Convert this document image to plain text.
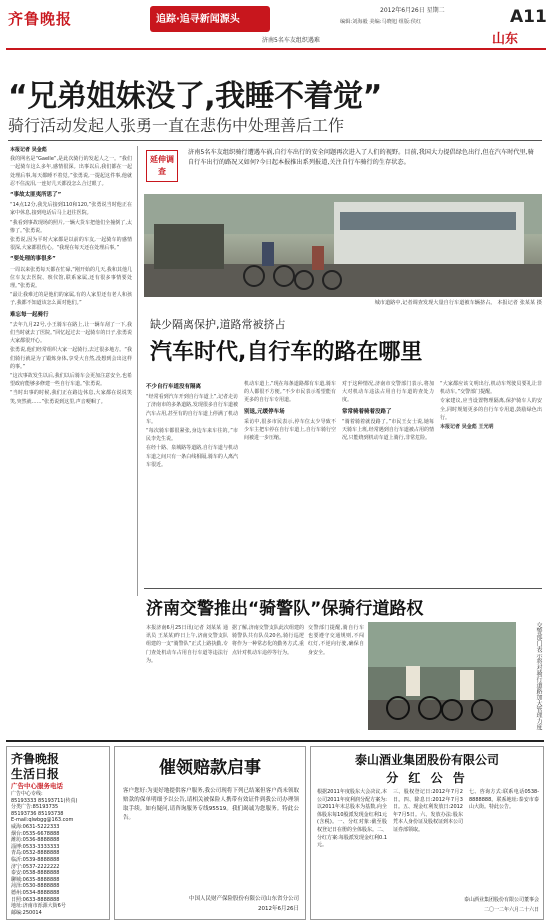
齐鲁晚报	追踪·追寻新闻源头
2012年6月26日 星期二
编辑:刘海毅 美编:马晓旭 组版:侯红
济南5名车友组织遇难
A11
山东
“兄弟姐妹没了,我睡不着觉”
骑行活动发起人张勇一直在悲伤中处理善后工作

本报记者 吴金彪

我的网名是“Gaelle”,是此次骑行的发起人之一。“我们一起骑车这么多年,感情很深。出事以后,我们都在一起处理后事,每天都睡不着觉。”张勇说,一提起这件事,他就忍不住流泪,一连好几天都没怎么合过眼了。

“事故太匪夷所思了”

“14点12分,我先后接到110和120,”张勇说当时他正在家中休息,接到电话后马上赶往医院。

“我看到事故现场的照片,一辆大货车把他们全撞倒了,太惨了。”张勇说。

张勇说,因为平时大家都是以前的车友,一起骑车的感情很深,大家都很伤心。“我现在每天还在处理后事。”

“要处理的事很多”

一周以来张勇每天都在忙碌,“刚开始的几天,我和其他几位车友去医院、殡仪馆,联系家属,还有很多事情要处理。”张勇说。

“最让我难过的是他们的家属,有的人家里还有老人和孩子,我都不知道该怎么面对他们。”

难忘每一起骑行

“去年九月22号,小王骑车在路上,让一辆车刮了一下,我们当时就去了医院。”回忆起过去一起骑车的日子,张勇说大家都很开心。

张勇说,他们经常组织大家一起骑行,去过很多地方。“我们骑行就是为了锻炼身体,享受大自然,没想到会出这样的事。”

“这次事故发生以后,我们以后骑车会更加注意安全,也希望政府能够多修建一些自行车道。”张勇说。

“当时出事的时候,我们正在路边休息,大家都在说说笑笑,突然就……”张勇说到这里,声音哽咽了。

延伸调查
济南5名车友组织骑行遭遇车祸,自行车出行的安全问题再次进入了人们的视野。目前,我国大力提倡绿色出行,但在汽车时代里,骑自行车出行的路况又如何?今日起本报推出系列报道,关注自行车骑行的生存状态。
城市道路中,记者调查发现大量自行车道被车辆挤占。 本报记者 张某某 摄
缺少隔离保护,道路常被挤占
汽车时代,自行车的路在哪里
不少自行车道没有隔离

“经常看到汽车开到自行车道上”,记者走访了济南市的多条道路,发现很多自行车道被汽车占用,甚至有的自行车道上停满了机动车。

“每次骑车都很紧张,身边车来车往的。”市民李先生说。

在经十路、泉城路等道路,自行车道与机动车道之间只有一条白线相隔,骑车的人离汽车很近。

机动车道上,“现在每条道路都有车道,骑车的人都很不方便。”不少市民表示希望能有更多的自行车专用道。

别退,元缓停车场

采访中,很多市民表示,停车位太少导致不少车主把车停在自行车道上,自行车骑行空间被进一步压缩。

对于这种情况,济南市交警部门表示,将加大对机动车违法占用自行车道的查处力度。

常常骑着骑着没路了

“骑着骑着就没路了。”市民王女士说,她每天骑车上班,经常遇到自行车道被占用的情况,只能绕到机动车道上骑行,非常危险。

“大家都应该文明出行,机动车驾驶员要礼让非机动车。”交警部门提醒。

专家建议,应当设置物理隔离,保护骑车人的安全,同时规划更多的自行车专用道,鼓励绿色出行。

本报记者 吴金彪 王光明

济南交警推出“骑警队”保骑行道路权

本报济南6月25日讯(记者 刘某某 通讯员 王某某)昨日上午,济南交警支队组建的一支“骑警队”正式上路执勤,专门查处机动车占用自行车道等违法行为。

据了解,济南交警支队此次组建的骑警队共有队员20名,骑行巡逻将作为一种常态化的勤务方式,重点针对机动车违停等行为。

交警部门提醒,骑自行车也要遵守交通规则,不闯红灯,不逆向行驶,确保自身安全。	交警部门表示将对骑行道路加大管理力度
齐鲁晚报
生活日报
广告中心服务电话
广告中心专线:
85193333 85193711(传真)
分类广告:85193735
85193736 85193738
E-mail:qlwbgg@163.com
威海:0631-5222333
烟台:0535-6678888
潍坊:0536-8888888
淄博:0533-3333333
青岛:0532-8888888
临沂:0539-8888888
济宁:0537-2222222
泰安:0538-8888888
聊城:0635-8888888
菏泽:0530-8888888
德州:0534-8888888
日照:0633-8888888
地址:济南市泺源大街6号
邮编:250014
催领赔款启事
客户您好:为更好地提供客户服务,我公司现将下列已结案但客户尚未领取赔款的保单明细予以公告,请相关被保险人携带有效证件到我公司办理领取手续。如有疑问,请咨询服务专线95519。我们竭诚为您服务。特此公告。
中国人民财产保险股份有限公司山东省分公司
2012年6月26日
泰山酒业集团股份有限公司
分 红 公 告
根据2011年度股东大会决议,本公司2011年度利润分配方案为:以2011年末总股本为基数,向全体股东每10股派发现金红利1元(含税)。一、分红对象:截至股权登记日在册的全体股东。二、分红方案:每股派发现金红利0.1元。
三、股权登记日:2012年7月2日。四、除息日:2012年7月3日。五、现金红利发放日:2012年7月5日。六、发放办法:股东凭本人身份证及股权证到本公司证券部领取。
七、咨询方式:联系电话0538-8888888。联系地址:泰安市泰山大街。特此公告。
泰山酒业集团股份有限公司董事会
二〇一二年六月二十六日
